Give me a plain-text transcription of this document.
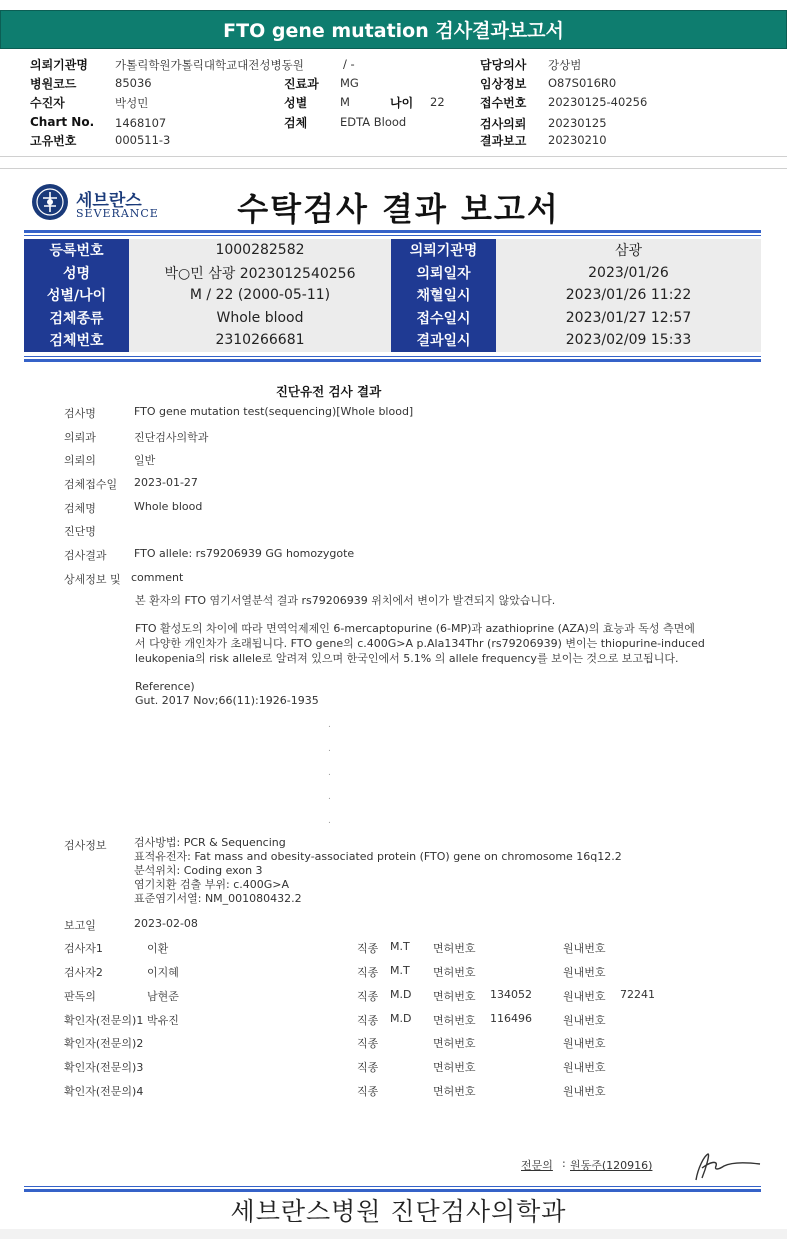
FTO gene mutation 검사결과보고서
의뢰기관명 가톨릭학원가톨릭대학교대전성병동원	/ -	담당의사 강상범
병원코드	85036	진료과 MG	임상정보 O87S016R0
수진자	박성민	성별	M	나이 22	접수번호 20230125-40256
Chart No. 1468107	검체	EDTA Blood	검사의뢰 20230125
고유번호	000511-3	결과보고 20230210
세브란스
SEVERANCE	수탁검사 결과 보고서
등록번호	1000282582	의뢰기관명	삼광
성명	박○민 삼광 2023012540256	의뢰일자	2023/01/26
성별/나이	M / 22 (2000-05-11)	채혈일시	2023/01/26 11:22
검체종류	Whole blood	접수일시	2023/01/27 12:57
검체번호	2310266681	결과일시	2023/02/09 15:33
진단유전 검사 결과
검사명	FTO gene mutation test(sequencing)[Whole blood]
의뢰과	진단검사의학과
의뢰의	일반
검체접수일 2023-01-27
검체명	Whole blood
진단명
검사결과 FTO allele: rs79206939 GG homozygote
상세정보 및 comment
본 환자의 FTO 염기서열분석 결과 rs79206939 위치에서 변이가 발견되지 않았습니다.
FTO 활성도의 차이에 따라 면역억제제인 6-mercaptopurine (6-MP)과 azathioprine (AZA)의 효능과 독성 측면에
서 다양한 개인차가 초래됩니다. FTO gene의 c.400G>A p.Ala134Thr (rs79206939) 변이는 thiopurine-induced
leukopenia의 risk allele로 알려져 있으며 한국인에서 5.1% 의 allele frequency를 보이는 것으로 보고됩니다.
Reference)
Gut. 2017 Nov;66(11):1926-1935
.
.
.
.
.
검사정보 검사방법: PCR & Sequencing
표적유전자: Fat mass and obesity-associated protein (FTO) gene on chromosome 16q12.2
분석위치: Coding exon 3
염기치환 검출 부위: c.400G>A
표준염기서열: NM_001080432.2
보고일	2023-02-08
검사자1	이환	직종 M.T 면허번호	원내번호
검사자2	이지혜	직종 M.T 면허번호	원내번호
판독의	남현준	직종 M.D 면허번호 134052	원내번호 72241
확인자(전문의)1 박유진	직종 M.D 면허번호 116496	원내번호
확인자(전문의)2	직종	면허번호	원내번호
확인자(전문의)3	직종	면허번호	원내번호
확인자(전문의)4	직종	면허번호	원내번호
전문의 : 원동주(120916)
세브란스병원 진단검사의학과
